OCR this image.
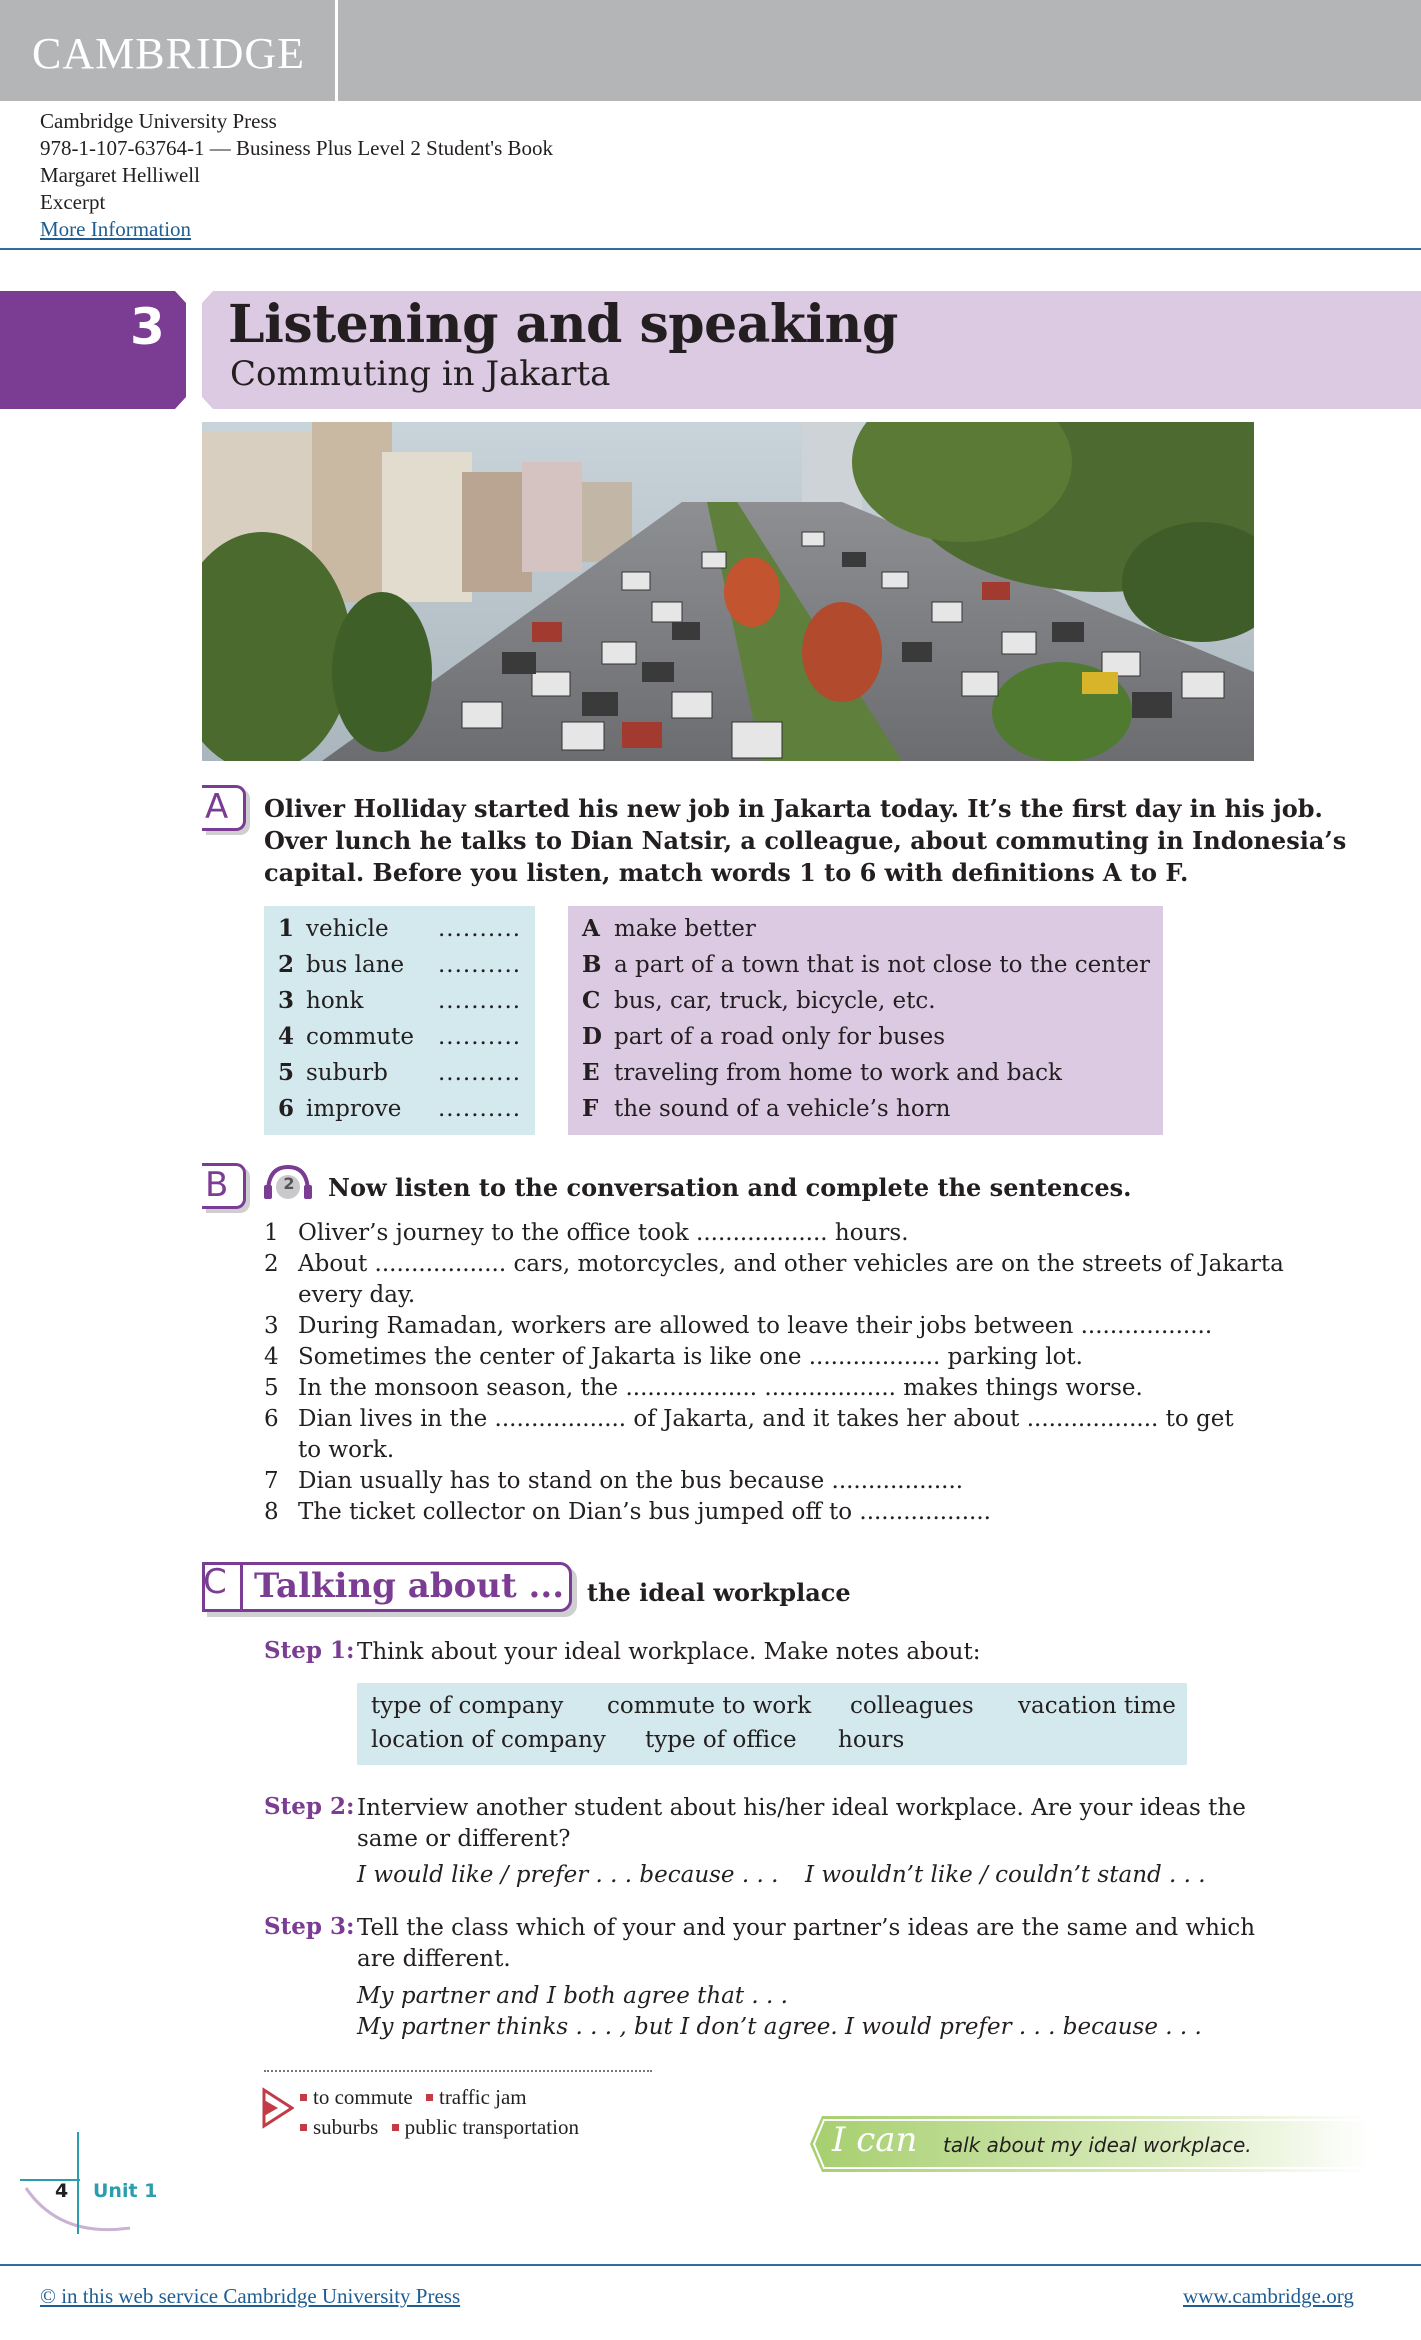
CAMBRIDGE
Cambridge University Press
978-1-107-63764-1 — Business Plus Level 2 Student's Book
Margaret Helliwell
Excerpt
More Information
3	Listening and speaking
Commuting in Jakarta
A	Oliver Holliday started his new job in Jakarta today. It’s the first day in his job.
Over lunch he talks to Dian Natsir, a colleague, about commuting in Indonesia’s
capital. Before you listen, match words 1 to 6 with definitions A to F.
1 vehicle ..........
2 bus lane ..........
3 honk	..........
4 commute ..........
5 suburb ..........
6 improve ..........
A make better
B a part of a town that is not close to the center
C bus, car, truck, bicycle, etc.
D part of a road only for buses
E traveling from home to work and back
F the sound of a vehicle’s horn
B	2 Now listen to the conversation and complete the sentences.
1 Oliver’s journey to the office took .................. hours.
2 About .................. cars, motorcycles, and other vehicles are on the streets of Jakarta
every day.
3 During Ramadan, workers are allowed to leave their jobs between ..................
4 Sometimes the center of Jakarta is like one .................. parking lot.
5 In the monsoon season, the .................. .................. makes things worse.
6 Dian lives in the .................. of Jakarta, and it takes her about .................. to get
to work.
7 Dian usually has to stand on the bus because ..................
8 The ticket collector on Dian’s bus jumped off to ..................
C Talking about ... the ideal workplace
Step 1: Think about your ideal workplace. Make notes about:
type of company commute to work colleagues vacation time
location of company type of office hours
Step 2: Interview another student about his/her ideal workplace. Are your ideas the
same or different?
I would like / prefer . . . because . . . I wouldn’t like / couldn’t stand . . .
Step 3: Tell the class which of your and your partner’s ideas are the same and which
are different.
My partner and I both agree that . . .
My partner thinks . . . , but I don’t agree. I would prefer . . . because . . .
to commute traffic jam
suburbs public transportation	I can talk about my ideal workplace.
4 Unit 1
© in this web service Cambridge University Press	www.cambridge.org
